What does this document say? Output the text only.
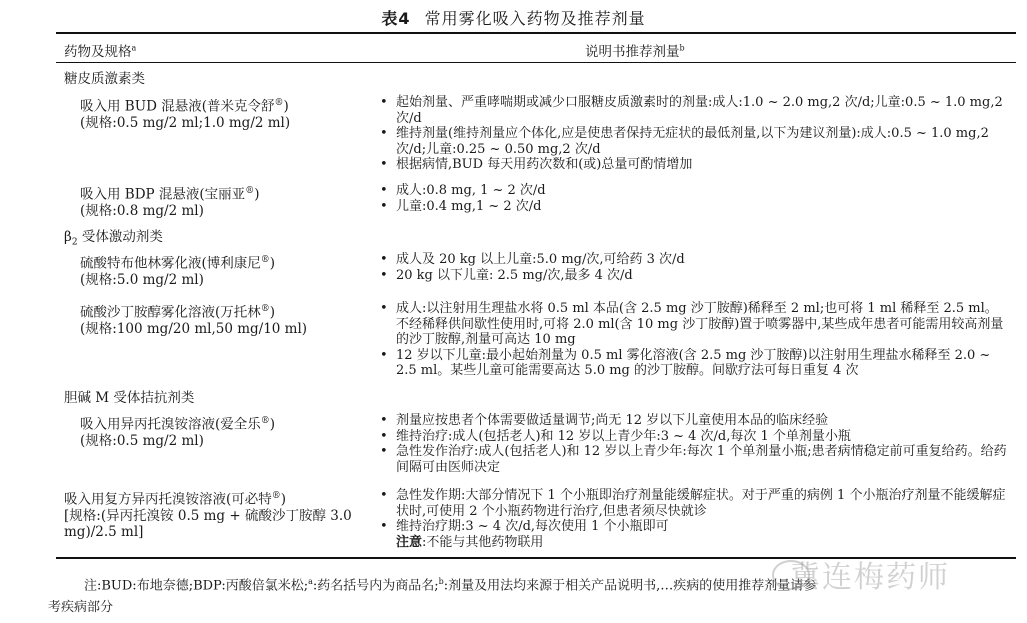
表4 常用雾化吸入药物及推荐剂量
药物及规格$^a$	说明书推荐剂量$^b$
糖皮质激素类
吸入用 BUD 混悬液(普米克令舒®)
(规格:0.5 mg/2 ml;1.0 mg/2 ml)
• 起始剂量、严重哮喘期或减少口服糖皮质激素时的剂量:成人:1.0 ~ 2.0 mg,2 次/d;儿童:0.5 ~ 1.0 mg,2 次/d
• 维持剂量(维持剂量应个体化,应是使患者保持无症状的最低剂量,以下为建议剂量):成人:0.5 ~ 1.0 mg,2 次/d;儿童:0.25 ~ 0.50 mg,2 次/d
• 根据病情,BUD 每天用药次数和(或)总量可酌情增加
吸入用 BDP 混悬液(宝丽亚®)
(规格:0.8 mg/2 ml)
• 成人:0.8 mg, 1 ~ 2 次/d
• 儿童:0.4 mg,1 ~ 2 次/d
$\beta_2$ 受体激动剂类
硫酸特布他林雾化液(博利康尼®)
(规格:5.0 mg/2 ml)
• 成人及 20 kg 以上儿童:5.0 mg/次,可给药 3 次/d
• 20 kg 以下儿童: 2.5 mg/次,最多 4 次/d
硫酸沙丁胺醇雾化溶液(万托林®)
(规格:100 mg/20 ml,50 mg/10 ml)
• 成人:以注射用生理盐水将 0.5 ml 本品(含 2.5 mg 沙丁胺醇)稀释至 2 ml;也可将 1 ml 稀释至 2.5 ml。不经稀释供间歇性使用时,可将 2.0 ml(含 10 mg 沙丁胺醇)置于喷雾器中,某些成年患者可能需用较高剂量的沙丁胺醇,剂量可高达 10 mg
• 12 岁以下儿童:最小起始剂量为 0.5 ml 雾化溶液(含 2.5 mg 沙丁胺醇)以注射用生理盐水稀释至 2.0 ~ 2.5 ml。某些儿童可能需要高达 5.0 mg 的沙丁胺醇。间歇疗法可每日重复 4 次
胆碱 M 受体拮抗剂类
吸入用异丙托溴铵溶液(爱全乐®)
(规格:0.5 mg/2 ml)
• 剂量应按患者个体需要做适量调节;尚无 12 岁以下儿童使用本品的临床经验
• 维持治疗:成人(包括老人)和 12 岁以上青少年:3 ~ 4 次/d,每次 1 个单剂量小瓶
• 急性发作治疗:成人(包括老人)和 12 岁以上青少年:每次 1 个单剂量小瓶;患者病情稳定前可重复给药。给药间隔可由医师决定
吸入用复方异丙托溴铵溶液(可必特®)
[规格:(异丙托溴铵 0.5 mg + 硫酸沙丁胺醇 3.0 mg)/2.5 ml]
• 急性发作期:大部分情况下 1 个小瓶即治疗剂量能缓解症状。对于严重的病例 1 个小瓶治疗剂量不能缓解症状时,可使用 2 个小瓶药物进行治疗,但患者须尽快就诊
• 维持治疗期:3 ~ 4 次/d,每次使用 1 个小瓶即可
注意:不能与其他药物联用
注:BUD:布地奈德;BDP:丙酸倍氯米松;$^a$:药名括号内为商品名;$^b$:剂量及用法均来源于相关产品说明书,…疾病的使用推荐剂量请参
考疾病部分
冀连梅药师
